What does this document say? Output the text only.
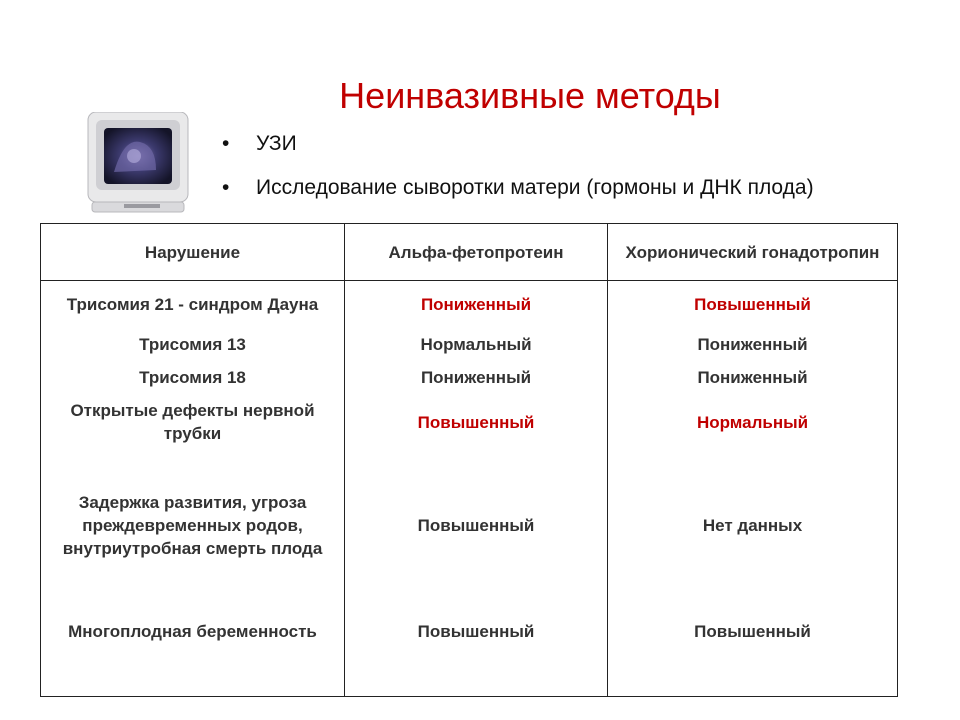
Неинвазивные методы
• УЗИ
• Исследование сыворотки матери (гормоны и ДНК плода)
Нарушение	Альфа-фетопротеин	Хорионический гонадотропин
Трисомия 21 - синдром Дауна	Пониженный	Повышенный
Трисомия 13	Нормальный	Пониженный
Трисомия 18	Пониженный	Пониженный
Открытые дефекты нервной трубки	Повышенный	Нормальный
Задержка развития, угроза преждевременных родов, внутриутробная смерть плода	Повышенный	Нет данных
Многоплодная беременность	Повышенный	Повышенный
